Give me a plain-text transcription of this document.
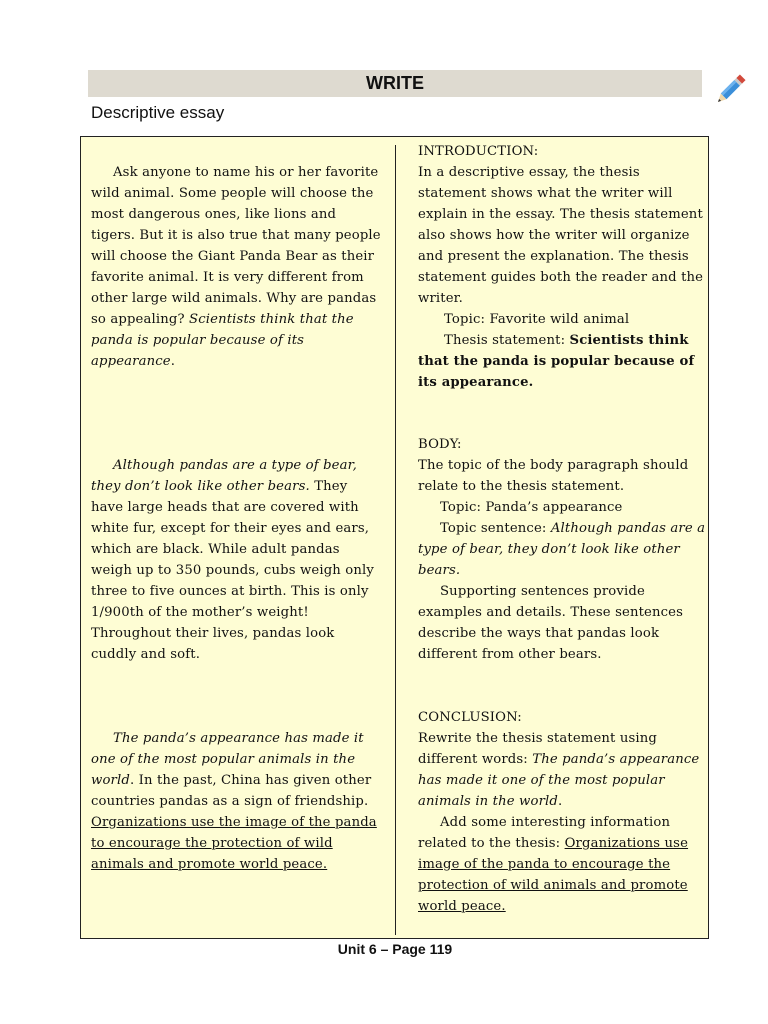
WRITE
Descriptive essay

Ask anyone to name his or her favorite wild animal. Some people will choose the most dangerous ones, like lions and tigers. But it is also true that many people will choose the Giant Panda Bear as their favorite animal. It is very different from other large wild animals. Why are pandas so appealing? Scientists think that the panda is popular because of its appearance.

Although pandas are a type of bear, they don’t look like other bears. They have large heads that are covered with white fur, except for their eyes and ears, which are black. While adult pandas weigh up to 350 pounds, cubs weigh only three to five ounces at birth. This is only 1/900th of the mother’s weight! Throughout their lives, pandas look cuddly and soft.

The panda’s appearance has made it one of the most popular animals in the world. In the past, China has given other countries pandas as a sign of friendship. Organizations use the image of the panda to encourage the protection of wild animals and promote world peace.

INTRODUCTION:

In a descriptive essay, the thesis statement shows what the writer will explain in the essay. The thesis statement also shows how the writer will organize and present the explanation. The thesis statement guides both the reader and the writer.

Topic: Favorite wild animal

Thesis statement: Scientists think that the panda is popular because of its appearance.

BODY:

The topic of the body paragraph should relate to the thesis statement.

Topic: Panda’s appearance

Topic sentence: Although pandas are a type of bear, they don’t look like other bears.

Supporting sentences provide examples and details. These sentences describe the ways that pandas look different from other bears.

CONCLUSION:

Rewrite the thesis statement using different words: The panda’s appearance has made it one of the most popular animals in the world.

Add some interesting information related to the thesis: Organizations use image of the panda to encourage the protection of wild animals and promote world peace.

Unit 6 – Page 119
